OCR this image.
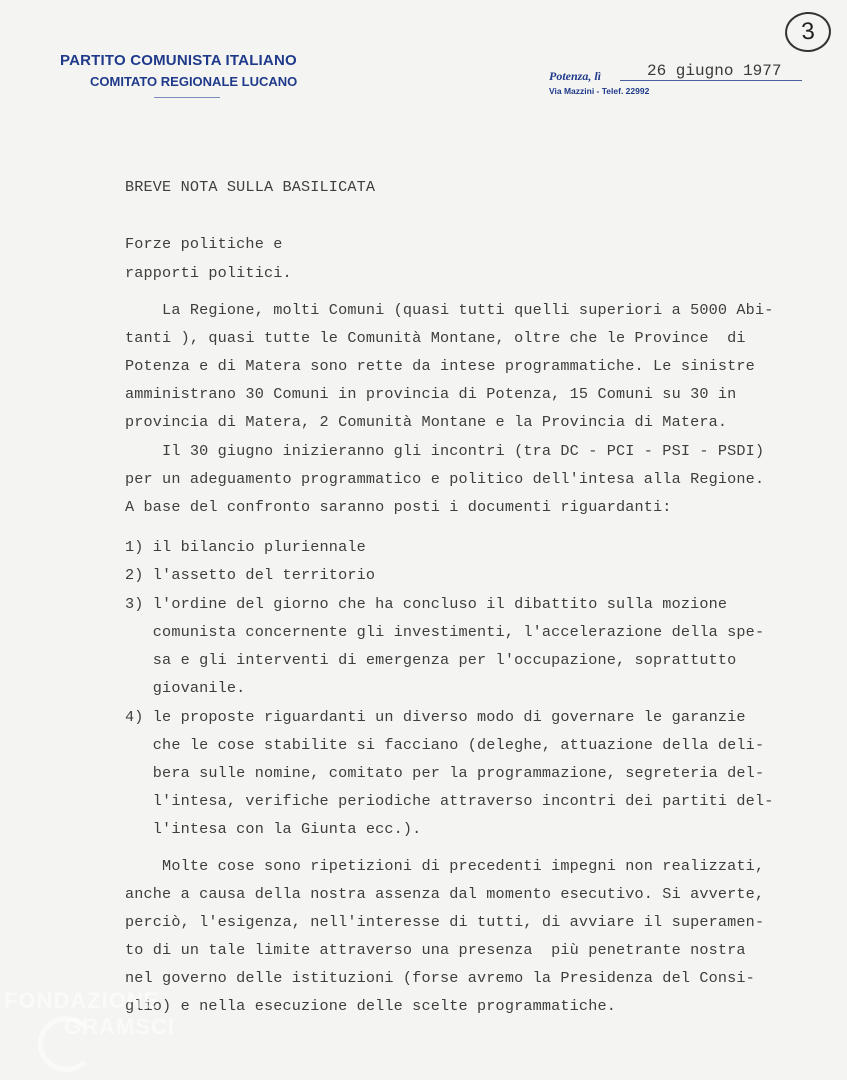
PARTITO COMUNISTA ITALIANO
COMITATO REGIONALE LUCANO	Potenza, lì	26 giugno 1977
Via Mazzini - Telef. 22992
3
BREVE NOTA SULLA BASILICATA
Forze politiche e
rapporti politici.
La Regione, molti Comuni (quasi tutti quelli superiori a 5000 Abi-
tanti ), quasi tutte le Comunità Montane, oltre che le Province  di
Potenza e di Matera sono rette da intese programmatiche. Le sinistre
amministrano 30 Comuni in provincia di Potenza, 15 Comuni su 30 in
provincia di Matera, 2 Comunità Montane e la Provincia di Matera.
Il 30 giugno inizieranno gli incontri (tra DC - PCI - PSI - PSDI)
per un adeguamento programmatico e politico dell'intesa alla Regione.
A base del confronto saranno posti i documenti riguardanti:
1) il bilancio pluriennale
2) l'assetto del territorio
3) l'ordine del giorno che ha concluso il dibattito sulla mozione
comunista concernente gli investimenti, l'accelerazione della spe-
sa e gli interventi di emergenza per l'occupazione, soprattutto
giovanile.
4) le proposte riguardanti un diverso modo di governare le garanzie
che le cose stabilite si facciano (deleghe, attuazione della deli-
bera sulle nomine, comitato per la programmazione, segreteria del-
l'intesa, verifiche periodiche attraverso incontri dei partiti del-
l'intesa con la Giunta ecc.).
Molte cose sono ripetizioni di precedenti impegni non realizzati,
anche a causa della nostra assenza dal momento esecutivo. Si avverte,
perciò, l'esigenza, nell'interesse di tutti, di avviare il superamen-
to di un tale limite attraverso una presenza  più penetrante nostra
nel governo delle istituzioni (forse avremo la Presidenza del Consi-
glio) e nella esecuzione delle scelte programmatiche.
FONDAZIONE
GRAMSCI
